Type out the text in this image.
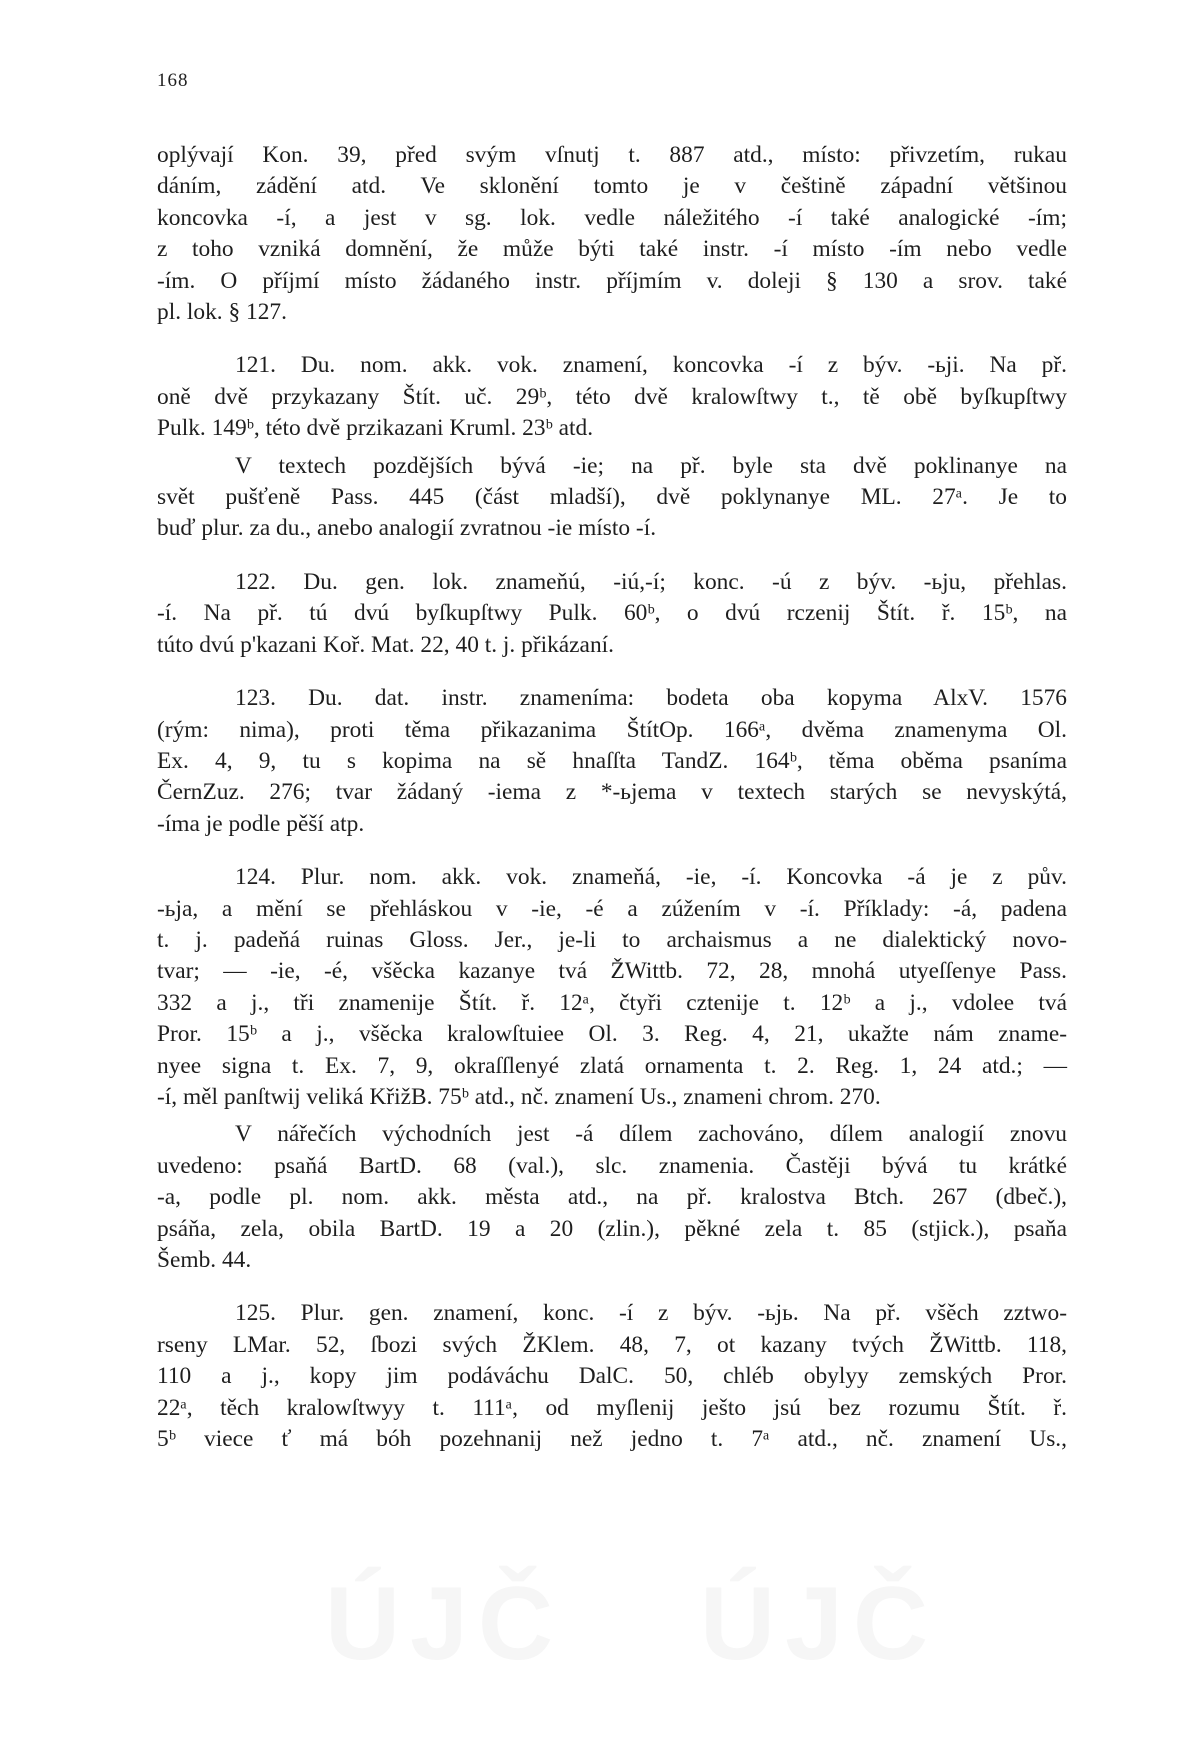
168

oplývají Kon. 39, před svým vſnutj t. 887 atd., místo: přivzetím, rukau

dáním, zádění atd. Ve sklonění tomto je v češtině západní většinou

koncovka -í, a jest v sg. lok. vedle náležitého -í také analogické -ím;

z toho vzniká domnění, že může býti také instr. -í místo -ím nebo vedle

-ím. O příjmí místo žádaného instr. příjmím v. doleji § 130 a srov. také

pl. lok. § 127.

121. Du. nom. akk. vok. znamení, koncovka -í z býv. -ьji. Na př.

oně dvě przykazany Štít. uč. 29ᵇ, této dvě kralowſtwy t., tě obě byſkupſtwy

Pulk. 149ᵇ, této dvě przikazani Kruml. 23ᵇ atd.

V textech pozdějších bývá -ie; na př. byle sta dvě poklinanye na

svět pušťeně Pass. 445 (část mladší), dvě poklynanye ML. 27ᵃ. Je to

buď plur. za du., anebo analogií zvratnou -ie místo -í.

122. Du. gen. lok. znameňú, -iú,-í; konc. -ú z býv. -ьju, přehlas.

-í. Na př. tú dvú byſkupſtwy Pulk. 60ᵇ, o dvú rczenij Štít. ř. 15ᵇ, na

túto dvú p'kazani Koř. Mat. 22, 40 t. j. přikázaní.

123. Du. dat. instr. znameníma: bodeta oba kopyma AlxV. 1576

(rým: nima), proti těma přikazanima ŠtítOp. 166ᵃ, dvěma znamenyma Ol.

Ex. 4, 9, tu s kopima na sě hnaſſta TandZ. 164ᵇ, těma oběma psaníma

ČernZuz. 276; tvar žádaný -iema z *-ьjema v textech starých se nevyskýtá,

-íma je podle pěší atp.

124. Plur. nom. akk. vok. znameňá, -ie, -í. Koncovka -á je z pův.

-ьja, a mění se přehláskou v -ie, -é a zúžením v -í. Příklady: -á, padena

t. j. padeňá ruinas Gloss. Jer., je-li to archaismus a ne dialektický novo-

tvar; — -ie, -é, všěcka kazanye tvá ŽWittb. 72, 28, mnohá utyeſſenye Pass.

332 a j., tři znamenije Štít. ř. 12ᵃ, čtyři cztenije t. 12ᵇ a j., vdolee tvá

Pror. 15ᵇ a j., všěcka kralowſtuiee Ol. 3. Reg. 4, 21, ukažte nám zname-

nyee signa t. Ex. 7, 9, okraſſlenyé zlatá ornamenta t. 2. Reg. 1, 24 atd.; —

-í, měl panſtwij veliká KřižB. 75ᵇ atd., nč. znamení Us., znameni chrom. 270.

V nářečích východních jest -á dílem zachováno, dílem analogií znovu

uvedeno: psaňá BartD. 68 (val.), slc. znamenia. Častěji bývá tu krátké

-a, podle pl. nom. akk. města atd., na př. kralostva Btch. 267 (dbeč.),

psáňa, zela, obila BartD. 19 a 20 (zlin.), pěkné zela t. 85 (stjick.), psaňa

Šemb. 44.

125. Plur. gen. znamení, konc. -í z býv. -ьjь. Na př. všěch zztwo-

rseny LMar. 52, ſbozi svých ŽKlem. 48, 7, ot kazany tvých ŽWittb. 118,

110 a j., kopy jim podáváchu DalC. 50, chléb obylyy zemských Pror.

22ᵃ, těch kralowſtwyy t. 111ᵃ, od myſlenij ješto jsú bez rozumu Štít. ř.

5ᵇ viece ť má bóh pozehnanij než jedno t. 7ᵃ atd., nč. znamení Us.,

ÚJČ ÚJČ
